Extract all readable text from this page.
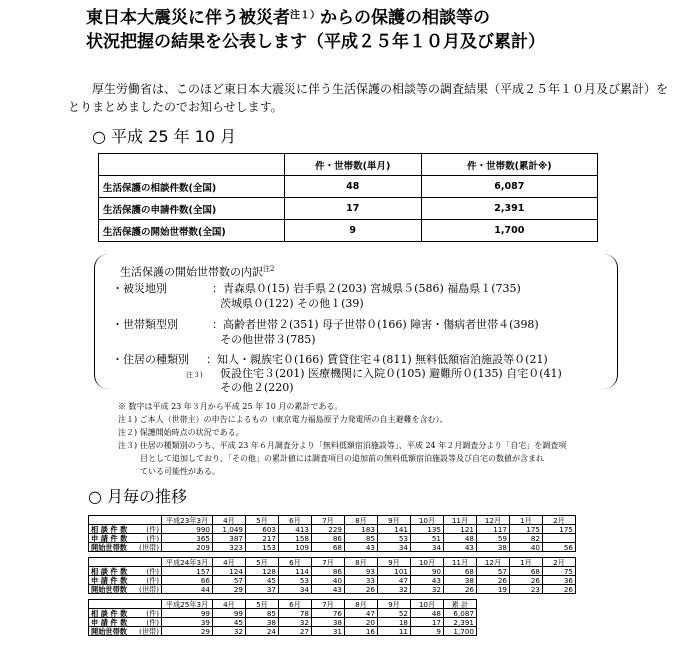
東日本大震災に伴う被災者$^{注1)}$からの保護の相談等の
状況把握の結果を公表します（平成２５年１０月及び累計）
厚生労働省は、このほど東日本大震災に伴う生活保護の相談等の調査結果（平成２５年１０月及び累計）をとりまとめましたのでお知らせします。
○ 平成 25 年 10 月
	件・世帯数(単月)	件・世帯数(累計※)
生活保護の相談件数(全国)	48	6,087
生活保護の申請件数(全国)	17	2,391
生活保護の開始世帯数(全国)	9	1,700
生活保護の開始世帯数の内訳$^{注2}$
・被災地別	：青森県０(15) 岩手県２(203) 宮城県５(586) 福島県１(735)
茨城県０(122) その他１(39)
・世帯類型別	：高齢者世帯２(351) 母子世帯０(166) 障害・傷病者世帯４(398)
その他世帯３(785)
・住居の種類別 ：知人・親族宅０(166) 賃貸住宅４(811) 無料低額宿泊施設等０(21)
注３) 仮設住宅３(201) 医療機関に入院０(105) 避難所０(135) 自宅０(41)
その他２(220)
※ 数字は平成 23 年３月から平成 25 年 10 月の累計である。
注１) ご本人（世帯主）の申告によるもの（東京電力福島原子力発電所の自主避難を含む）。
注２) 保護開始時点の状況である。
注３) 住居の種類別のうち、平成 23 年６月調査分より「無料低額宿泊施設等」、平成 24 年２月調査分より「自宅」を調査項
目として追加しており、「その他」の累計値には調査項目の追加前の無料低額宿泊施設等及び自宅の数値が含まれ
ている可能性がある。
○ 月毎の推移
	平成23年3月	4月	5月	6月	7月	8月	9月	10月	11月	12月	1月	2月
相 談 件 数 (件)	990	1,049	603	413	229	183	141	135	121	117	175	175
申 請 件 数 (件)	365	387	217	158	86	85	53	51	48	59	82	
開始世帯数 (世帯)	209	323	153	109	68	43	34	34	43	38	40	56
	平成24年3月	4月	5月	6月	7月	8月	9月	10月	11月	12月	1月	2月
相 談 件 数 (件)	157	124	128	114	86	93	101	90	68	57	68	75
申 請 件 数 (件)	66	57	45	53	40	33	47	43	38	26	26	36
開始世帯数 (世帯)	44	29	37	34	43	26	32	32	26	19	23	26
	平成25年3月	4月	5月	6月	7月	8月	9月	10月	累 計
相 談 件 数 (件)	99	99	85	78	76	47	52	48	6,087
申 請 件 数 (件)	39	45	38	32	38	20	18	17	2,391
開始世帯数 (世帯)	29	32	24	27	31	16	11	9	1,700
